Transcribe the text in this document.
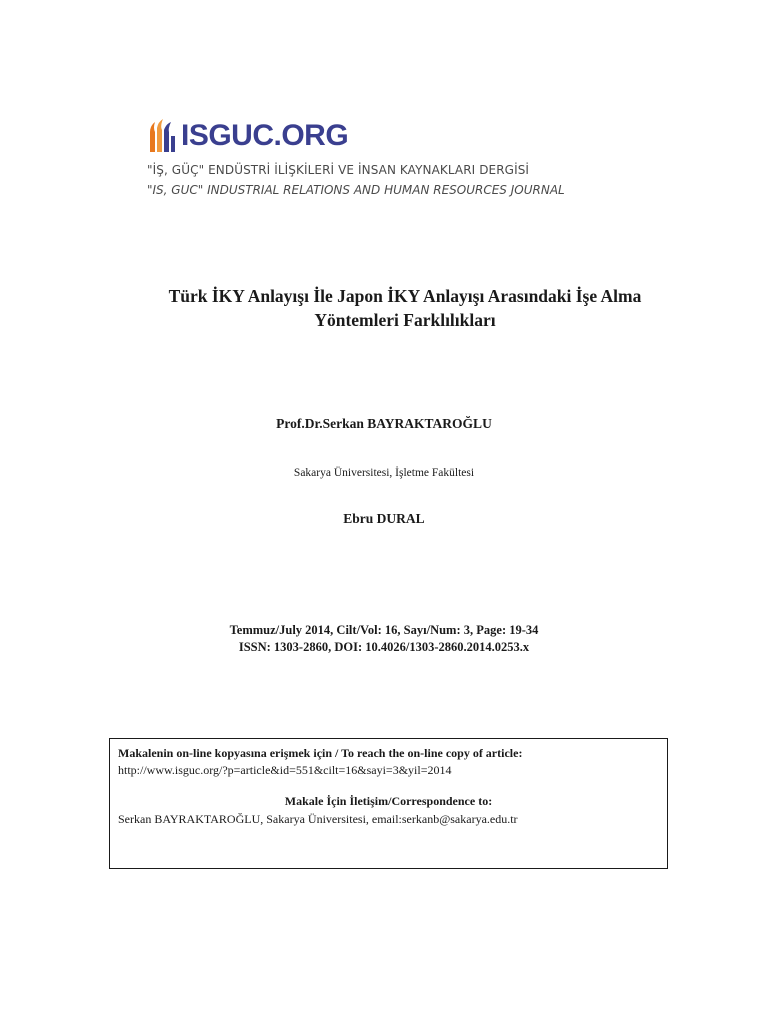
ISGUC.ORG
"İŞ, GÜÇ" ENDÜSTRİ İLİŞKİLERİ VE İNSAN KAYNAKLARI DERGİSİ
"IS, GUC" INDUSTRIAL RELATIONS AND HUMAN RESOURCES JOURNAL
Türk İKY Anlayışı İle Japon İKY Anlayışı Arasındaki İşe Alma
Yöntemleri Farklılıkları
Prof.Dr.Serkan BAYRAKTAROĞLU
Sakarya Üniversitesi, İşletme Fakültesi
Ebru DURAL
Temmuz/July 2014, Cilt/Vol: 16, Sayı/Num: 3, Page: 19-34
ISSN: 1303-2860, DOI: 10.4026/1303-2860.2014.0253.x
Makalenin on-line kopyasına erişmek için / To reach the on-line copy of article:
http://www.isguc.org/?p=article&id=551&cilt=16&sayi=3&yil=2014
Makale İçin İletişim/Correspondence to:
Serkan BAYRAKTAROĞLU, Sakarya Üniversitesi, email:serkanb@sakarya.edu.tr
